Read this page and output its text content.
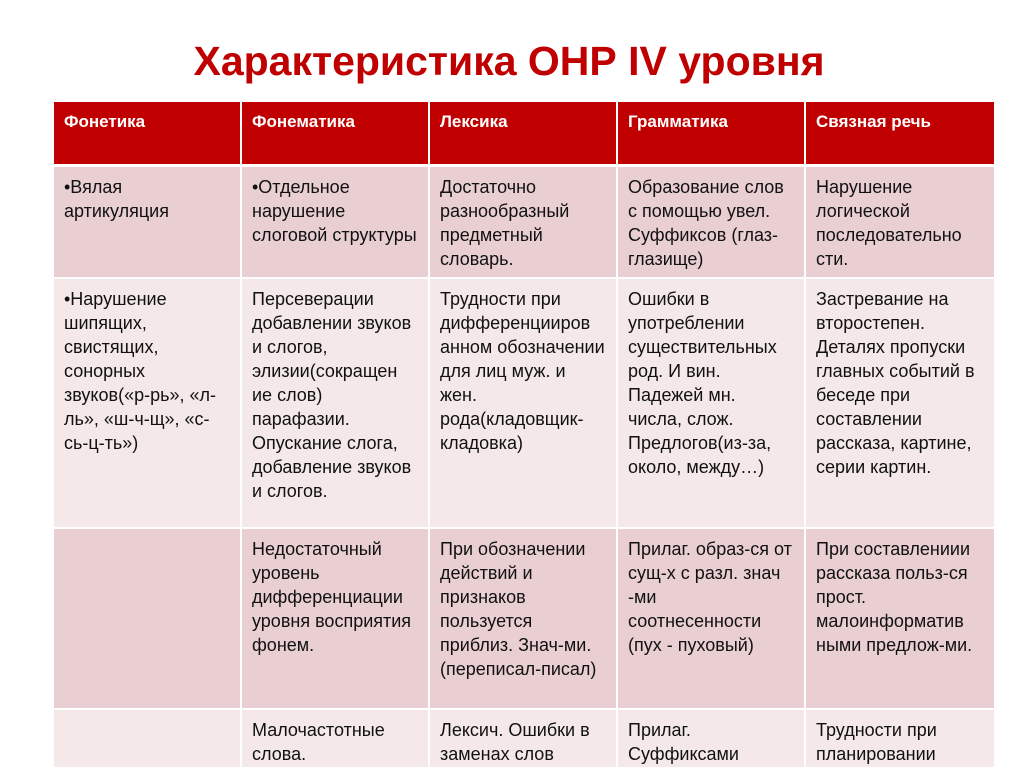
Характеристика ОНР IV уровня
Фонетика	Фонематика	Лексика	Грамматика	Связная речь
•Вялая артикуляция	•Отдельное нарушение слоговой структуры	Достаточно разнообразный предметный словарь.	Образование слов с помощью увел. Суффиксов (глаз-глазище)	Нарушение логической последовательно сти.
•Нарушение шипящих, свистящих, сонорных звуков(«р-рь», «л-ль», «ш-ч-щ», «с-сь-ц-ть»)	Персеверации добавлении звуков и слогов, элизии(сокращен ие слов) парафазии. Опускание слога, добавление звуков и слогов.	Трудности при дифференцииров анном обозначении для лиц муж. и жен. рода(кладовщик-кладовка)	Ошибки в употреблении существительных род. И вин. Падежей мн. числа, слож. Предлогов(из-за, около, между…)	Застревание на второстепен. Деталях пропуски главных событий в беседе при составлении рассказа, картине, серии картин.
	Недостаточный уровень дифференциации уровня восприятия фонем.	При обозначении действий и признаков пользуется приблиз. Знач-ми. (переписал-писал)	Прилаг. образ-ся от сущ-х с разл. знач -ми соотнесенности (пух - пуховый)	При составлениии рассказа польз-ся прост. малоинформатив ными предлож-ми.
	Малочастотные слова.	Лексич. Ошибки в заменах слов	Прилаг. Суффиксами	Трудности при планировании
